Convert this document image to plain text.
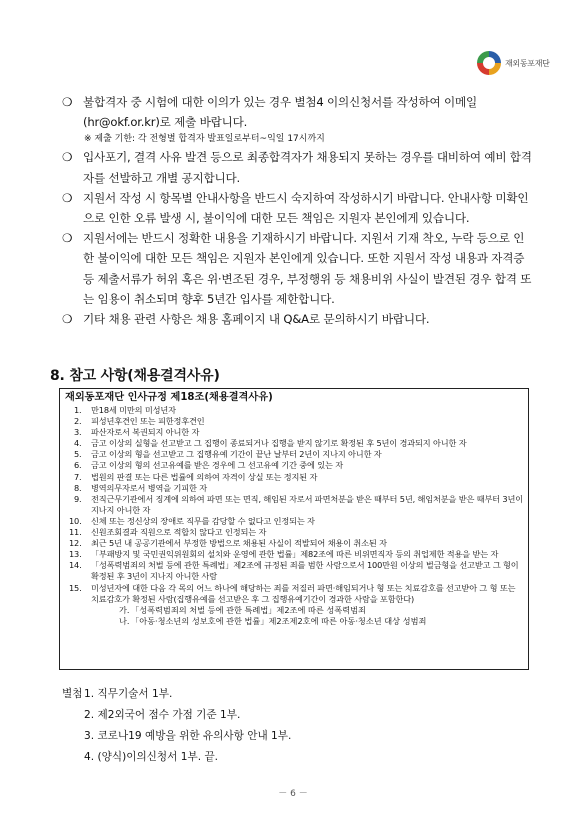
재외동포재단
❍ 불합격자 중 시험에 대한 이의가 있는 경우 별첨4 이의신청서를 작성하여 이메일(hr@okf.or.kr)로 제출 바랍니다.
※ 제출 기한: 각 전형별 합격자 발표일로부터~익일 17시까지
❍ 입사포기, 결격 사유 발견 등으로 최종합격자가 채용되지 못하는 경우를 대비하여 예비 합격자를 선발하고 개별 공지합니다.
❍ 지원서 작성 시 항목별 안내사항을 반드시 숙지하여 작성하시기 바랍니다. 안내사항 미확인으로 인한 오류 발생 시, 불이익에 대한 모든 책임은 지원자 본인에게 있습니다.
❍ 지원서에는 반드시 정확한 내용을 기재하시기 바랍니다. 지원서 기재 착오, 누락 등으로 인한 불이익에 대한 모든 책임은 지원자 본인에게 있습니다. 또한 지원서 작성 내용과 자격증 등 제출서류가 허위 혹은 위·변조된 경우, 부정행위 등 채용비위 사실이 발견된 경우 합격 또는 임용이 취소되며 향후 5년간 입사를 제한합니다.
❍ 기타 채용 관련 사항은 채용 홈페이지 내 Q&A로 문의하시기 바랍니다.
8. 참고 사항(채용결격사유)
재외동포재단 인사규정 제18조(채용결격사유)
1. 만18세 미만의 미성년자
2. 피성년후견인 또는 피한정후견인
3. 파산자로서 복권되지 아니한 자
4. 금고 이상의 실형을 선고받고 그 집행이 종료되거나 집행을 받지 않기로 확정된 후 5년이 경과되지 아니한 자
5. 금고 이상의 형을 선고받고 그 집행유예 기간이 끝난 날부터 2년이 지나지 아니한 자
6. 금고 이상의 형의 선고유예를 받은 경우에 그 선고유예 기간 중에 있는 자
7. 법원의 판결 또는 다른 법률에 의하여 자격이 상실 또는 정지된 자
8. 병역의무자로서 병역을 기피한 자
9. 전직근무기관에서 징계에 의하여 파면 또는 면직, 해임된 자로서 파면처분을 받은 때부터 5년, 해임처분을 받은 때부터 3년이 지나지 아니한 자
10. 신체 또는 정신상의 장애로 직무를 감당할 수 없다고 인정되는 자
11. 신원조회결과 직원으로 적합치 않다고 인정되는 자
12. 최근 5년 내 공공기관에서 부정한 방법으로 채용된 사실이 적발되어 채용이 취소된 자
13. 「부패방지 및 국민권익위원회의 설치와 운영에 관한 법률」제82조에 따른 비위면직자 등의 취업제한 적용을 받는 자
14. 「성폭력범죄의 처벌 등에 관한 특례법」제2조에 규정된 죄를 범한 사람으로서 100만원 이상의 벌금형을 선고받고 그 형이 확정된 후 3년이 지나지 아니한 사람
15. 미성년자에 대한 다음 각 목의 어느 하나에 해당하는 죄를 저질러 파면·해임되거나 형 또는 치료감호를 선고받아 그 형 또는 치료감호가 확정된 사람(집행유예를 선고받은 후 그 집행유예기간이 경과한 사람을 포함한다)
가. 「성폭력범죄의 처벌 등에 관한 특례법」제2조에 따른 성폭력범죄
나. 「아동·청소년의 성보호에 관한 법률」제2조제2호에 따른 아동·청소년 대상 성범죄
별첨 1. 직무기술서 1부.
2. 제2외국어 점수 가점 기준 1부.
3. 코로나19 예방을 위한 유의사항 안내 1부.
4. (양식)이의신청서 1부. 끝.
－ 6 －
